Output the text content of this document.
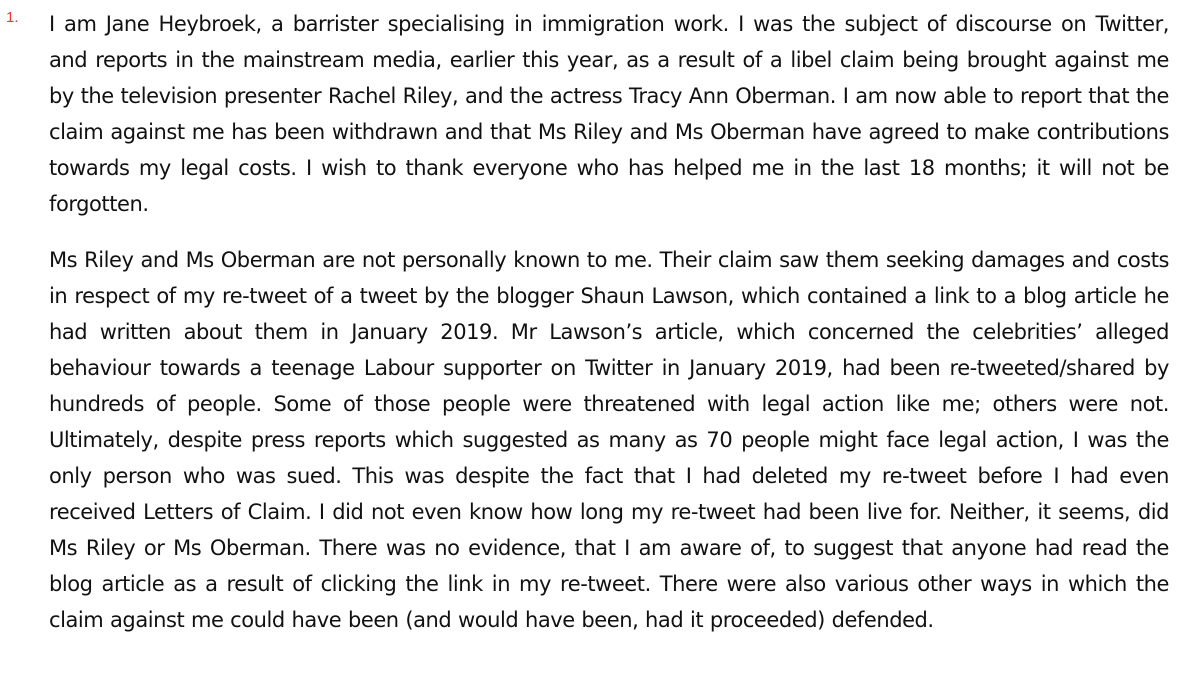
1. I am Jane Heybroek, a barrister specialising in immigration work. I was the subject of discourse on Twitter, and reports in the mainstream media, earlier this year, as a result of a libel claim being brought against me by the television presenter Rachel Riley, and the actress Tracy Ann Oberman. I am now able to report that the claim against me has been withdrawn and that Ms Riley and Ms Oberman have agreed to make contributions towards my legal costs. I wish to thank everyone who has helped me in the last 18 months; it will not be forgotten.

Ms Riley and Ms Oberman are not personally known to me. Their claim saw them seeking damages and costs in respect of my re-tweet of a tweet by the blogger Shaun Lawson, which contained a link to a blog article he had written about them in January 2019. Mr Lawson’s article, which concerned the celebrities’ alleged behaviour towards a teenage Labour supporter on Twitter in January 2019, had been re-tweeted/shared by hundreds of people. Some of those people were threatened with legal action like me; others were not. Ultimately, despite press reports which suggested as many as 70 people might face legal action, I was the only person who was sued. This was despite the fact that I had deleted my re-tweet before I had even received Letters of Claim. I did not even know how long my re-tweet had been live for. Neither, it seems, did Ms Riley or Ms Oberman. There was no evidence, that I am aware of, to suggest that anyone had read the blog article as a result of clicking the link in my re-tweet. There were also various other ways in which the claim against me could have been (and would have been, had it proceeded) defended.
